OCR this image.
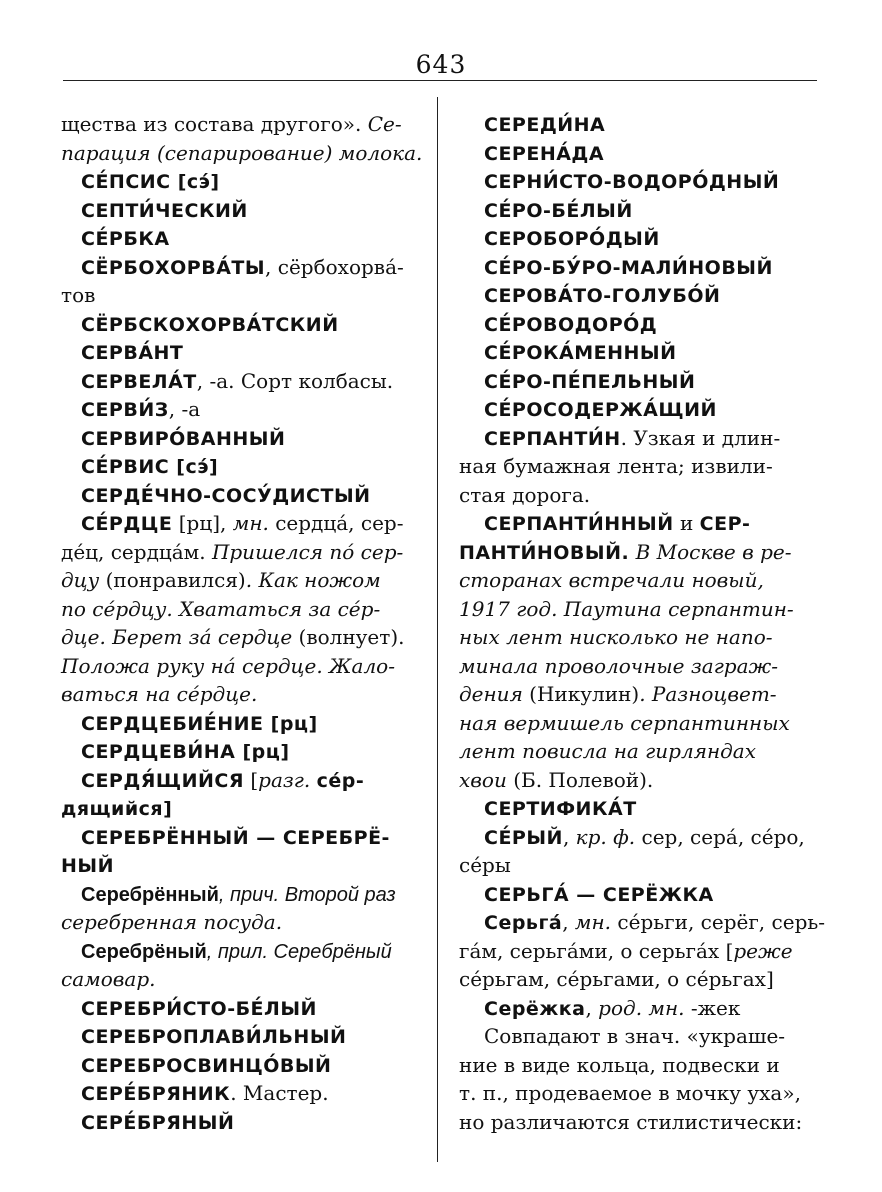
643
щества из состава другого». Се-
парация (сепарирование) молока.
СЕ́ПСИС [сэ́]
СЕПТИ́ЧЕСКИЙ
СЕ́РБКА
СЁРБОХОРВА́ТЫ, сёрбохорва́-
тов
СЁРБСКОХОРВА́ТСКИЙ
СЕРВА́НТ
СЕРВЕЛА́Т, -а. Сорт колбасы.
СЕРВИ́З, -а
СЕРВИРО́ВАННЫЙ
СЕ́РВИС [сэ́]
СЕРДЕ́ЧНО-СОСУ́ДИСТЫЙ
СЕ́РДЦЕ [рц], мн. сердца́, сер-
де́ц, сердца́м. Пришелся по́ сер-
дцу (понравился). Как ножом
по се́рдцу. Хвататься за се́р-
дце. Берет за́ сердце (волнует).
Положа руку на́ сердце. Жало-
ваться на се́рдце.
СЕРДЦЕБИЕ́НИЕ [рц]
СЕРДЦЕВИ́НА [рц]
СЕРДЯ́ЩИЙСЯ [разг. се́р-
дящийся]
СЕРЕБРЁННЫЙ — СЕРЕБРЁ-
НЫЙ
Серебрённый, прич. Второй раз
серебренная посуда.
Серебрёный, прил. Серебрёный
самовар.
СЕРЕБРИ́СТО-БЕ́ЛЫЙ
СЕРЕБРОПЛАВИ́ЛЬНЫЙ
СЕРЕБРОСВИНЦО́ВЫЙ
СЕРЕ́БРЯНИК. Мастер.
СЕРЕ́БРЯНЫЙ
СЕРЕДИ́НА
СЕРЕНА́ДА
СЕРНИ́СТО-ВОДОРО́ДНЫЙ
СЕ́РО-БЕ́ЛЫЙ
СЕРОБОРО́ДЫЙ
СЕ́РО-БУ́РО-МАЛИ́НОВЫЙ
СЕРОВА́ТО-ГОЛУБО́Й
СЕ́РОВОДОРО́Д
СЕ́РОКА́МЕННЫЙ
СЕ́РО-ПЕ́ПЕЛЬНЫЙ
СЕ́РОСОДЕРЖА́ЩИЙ
СЕРПАНТИ́Н. Узкая и длин-
ная бумажная лента; извили-
стая дорога.
СЕРПАНТИ́ННЫЙ и СЕР-
ПАНТИ́НОВЫЙ. В Москве в ре-
сторанах встречали новый,
1917 год. Паутина серпантин-
ных лент нисколько не напо-
минала проволочные заграж-
дения (Никулин). Разноцвет-
ная вермишель серпантинных
лент повисла на гирляндах
хвои (Б. Полевой).
СЕРТИФИКА́Т
СЕ́РЫЙ, кр. ф. сер, сера́, се́ро,
се́ры
СЕРЬГА́ — СЕРЁЖКА
Серьга́, мн. се́рьги, серёг, серь-
га́м, серьга́ми, о серьга́х [реже
се́рьгам, се́рьгами, о се́рьгах]
Серёжка, род. мн. -жек
Совпадают в знач. «украше-
ние в виде кольца, подвески и
т. п., продеваемое в мочку уха»,
но различаются стилистически:
